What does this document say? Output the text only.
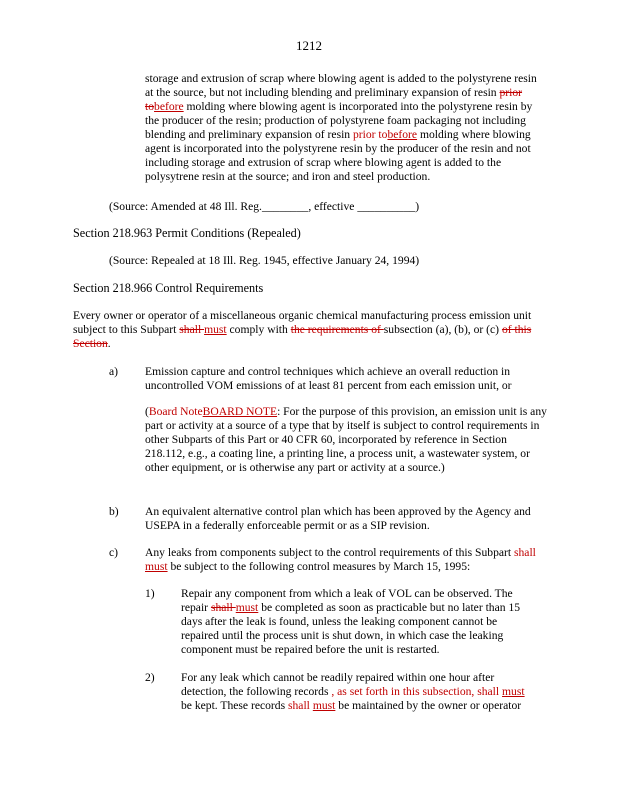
1212

storage and extrusion of scrap where blowing agent is added to the polystyrene resin at the source, but not including blending and preliminary expansion of resin prior tobefore molding where blowing agent is incorporated into the polystyrene resin by the producer of the resin; production of polystyrene foam packaging not including blending and preliminary expansion of resin prior tobefore molding where blowing agent is incorporated into the polystyrene resin by the producer of the resin and not including storage and extrusion of scrap where blowing agent is added to the polysytrene resin at the source; and iron and steel production.

(Source: Amended at 48 Ill. Reg.________, effective __________)
Section 218.963 Permit Conditions (Repealed)
(Source: Repealed at 18 Ill. Reg. 1945, effective January 24, 1994)
Section 218.966 Control Requirements

Every owner or operator of a miscellaneous organic chemical manufacturing process emission unit subject to this Subpart shall must comply with the requirements of subsection (a), (b), or (c) of this Section.

a) Emission capture and control techniques which achieve an overall reduction in uncontrolled VOM emissions of at least 81 percent from each emission unit, or

(Board NoteBOARD NOTE: For the purpose of this provision, an emission unit is any part or activity at a source of a type that by itself is subject to control requirements in other Subparts of this Part or 40 CFR 60, incorporated by reference in Section 218.112, e.g., a coating line, a printing line, a process unit, a wastewater system, or other equipment, or is otherwise any part or activity at a source.)

b) An equivalent alternative control plan which has been approved by the Agency and USEPA in a federally enforceable permit or as a SIP revision.

c) Any leaks from components subject to the control requirements of this Subpart shall must be subject to the following control measures by March 15, 1995:

1) Repair any component from which a leak of VOL can be observed. The repair shall must be completed as soon as practicable but no later than 15 days after the leak is found, unless the leaking component cannot be repaired until the process unit is shut down, in which case the leaking component must be repaired before the unit is restarted.

2) For any leak which cannot be readily repaired within one hour after detection, the following records , as set forth in this subsection, shall must be kept. These records shall must be maintained by the owner or operator
